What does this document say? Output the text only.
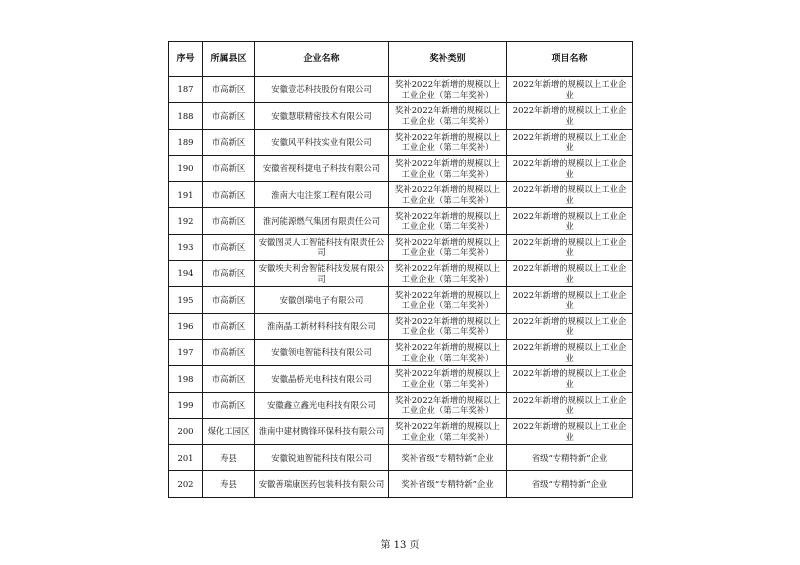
序号	所属县区	企业名称	奖补类别	项目名称
187	市高新区	安徽壹芯科技股份有限公司	奖补2022年新增的规模以上工业企业（第二年奖补）	2022年新增的规模以上工业企业
188	市高新区	安徽慧联精密技术有限公司	奖补2022年新增的规模以上工业企业（第二年奖补）	2022年新增的规模以上工业企业
189	市高新区	安徽风平科技实业有限公司	奖补2022年新增的规模以上工业企业（第二年奖补）	2022年新增的规模以上工业企业
190	市高新区	安徽省视科捷电子科技有限公司	奖补2022年新增的规模以上工业企业（第二年奖补）	2022年新增的规模以上工业企业
191	市高新区	淮南大屯注浆工程有限公司	奖补2022年新增的规模以上工业企业（第二年奖补）	2022年新增的规模以上工业企业
192	市高新区	淮河能源燃气集团有限责任公司	奖补2022年新增的规模以上工业企业（第二年奖补）	2022年新增的规模以上工业企业
193	市高新区	安徽图灵人工智能科技有限责任公司	奖补2022年新增的规模以上工业企业（第二年奖补）	2022年新增的规模以上工业企业
194	市高新区	安徽埃夫利舍智能科技发展有限公司	奖补2022年新增的规模以上工业企业（第二年奖补）	2022年新增的规模以上工业企业
195	市高新区	安徽创瑞电子有限公司	奖补2022年新增的规模以上工业企业（第二年奖补）	2022年新增的规模以上工业企业
196	市高新区	淮南晶工新材料科技有限公司	奖补2022年新增的规模以上工业企业（第二年奖补）	2022年新增的规模以上工业企业
197	市高新区	安徽领电智能科技有限公司	奖补2022年新增的规模以上工业企业（第二年奖补）	2022年新增的规模以上工业企业
198	市高新区	安徽晶桥光电科技有限公司	奖补2022年新增的规模以上工业企业（第二年奖补）	2022年新增的规模以上工业企业
199	市高新区	安徽鑫立鑫光电科技有限公司	奖补2022年新增的规模以上工业企业（第二年奖补）	2022年新增的规模以上工业企业
200	煤化工园区	淮南中建材腾锋环保科技有限公司	奖补2022年新增的规模以上工业企业（第二年奖补）	2022年新增的规模以上工业企业
201	寿县	安徽锐迪智能科技有限公司	奖补省级“专精特新”企业	省级“专精特新”企业
202	寿县	安徽善瑞康医药包装科技有限公司	奖补省级“专精特新”企业	省级“专精特新”企业
第 13 页
